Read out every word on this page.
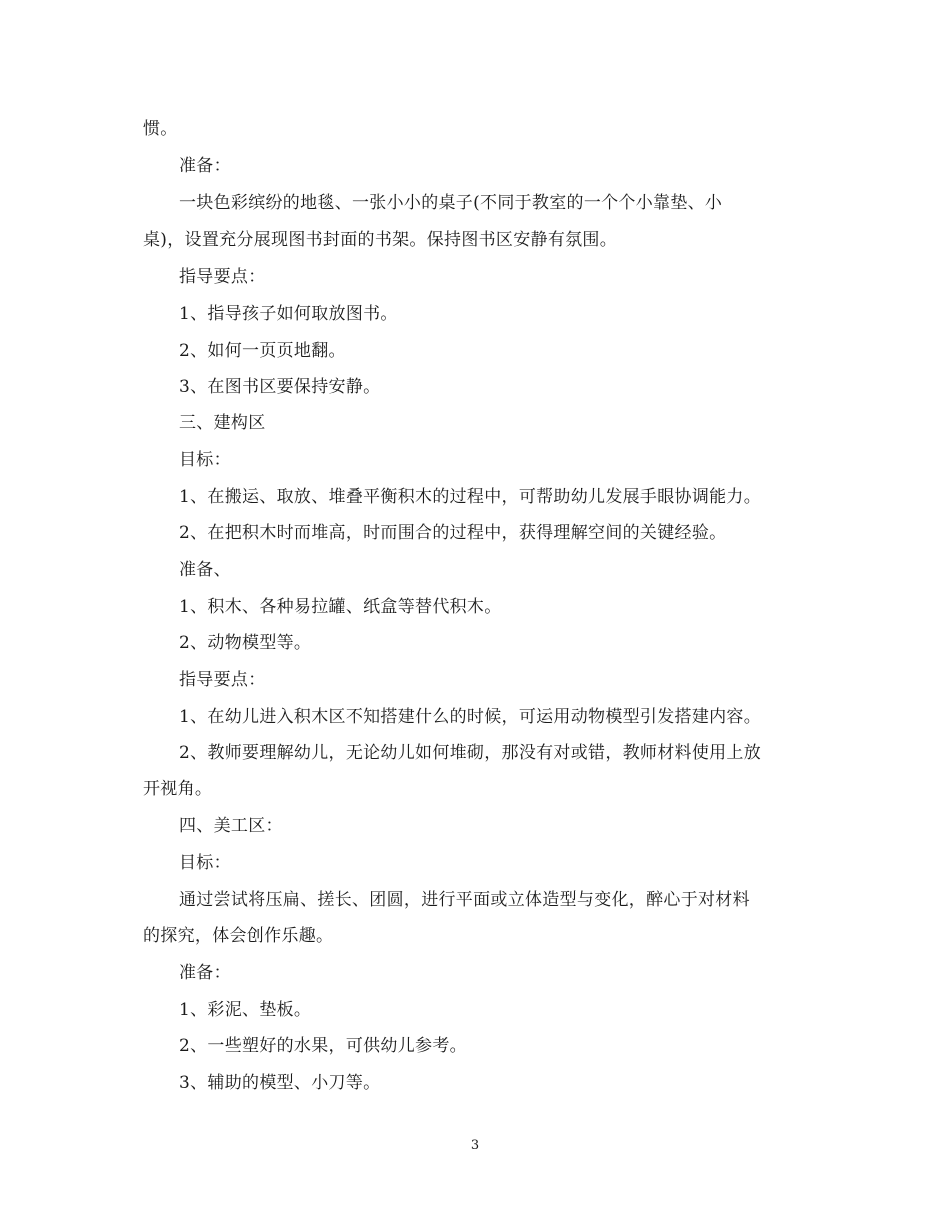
惯。
准备：
一块色彩缤纷的地毯、一张小小的桌子(不同于教室的一个个小靠垫、小
桌)，设置充分展现图书封面的书架。保持图书区安静有氛围。
指导要点：
1、指导孩子如何取放图书。
2、如何一页页地翻。
3、在图书区要保持安静。
三、建构区
目标：
1、在搬运、取放、堆叠平衡积木的过程中，可帮助幼儿发展手眼协调能力。
2、在把积木时而堆高，时而围合的过程中，获得理解空间的关键经验。
准备、
1、积木、各种易拉罐、纸盒等替代积木。
2、动物模型等。
指导要点：
1、在幼儿进入积木区不知搭建什么的时候，可运用动物模型引发搭建内容。
2、教师要理解幼儿，无论幼儿如何堆砌，那没有对或错，教师材料使用上放
开视角。
四、美工区：
目标：
通过尝试将压扁、搓长、团圆，进行平面或立体造型与变化，醉心于对材料
的探究，体会创作乐趣。
准备：
1、彩泥、垫板。
2、一些塑好的水果，可供幼儿参考。
3、辅助的模型、小刀等。
3
